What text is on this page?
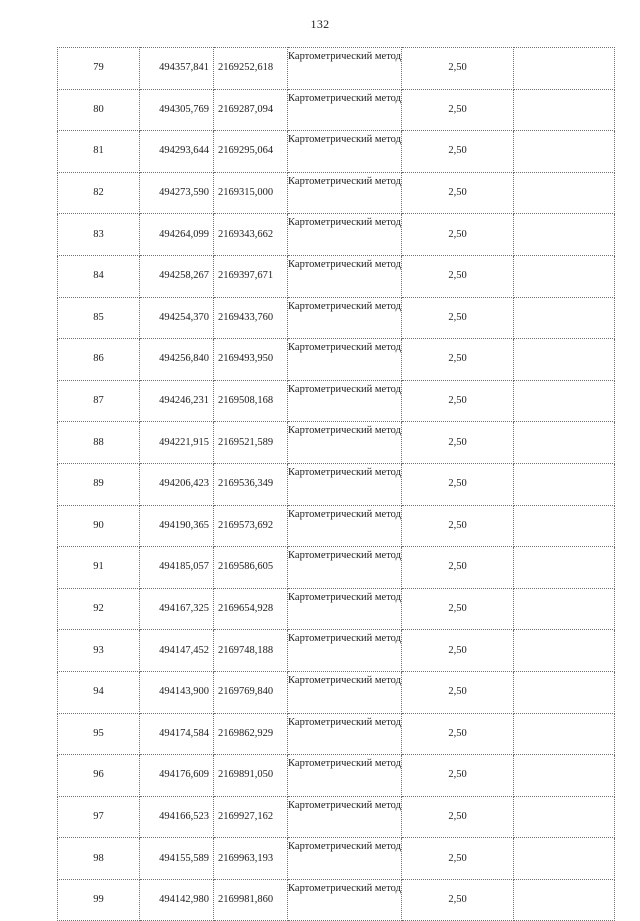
132
79	494357,841	2169252,618	Картометрический метод	2,50	
80	494305,769	2169287,094	Картометрический метод	2,50	
81	494293,644	2169295,064	Картометрический метод	2,50	
82	494273,590	2169315,000	Картометрический метод	2,50	
83	494264,099	2169343,662	Картометрический метод	2,50	
84	494258,267	2169397,671	Картометрический метод	2,50	
85	494254,370	2169433,760	Картометрический метод	2,50	
86	494256,840	2169493,950	Картометрический метод	2,50	
87	494246,231	2169508,168	Картометрический метод	2,50	
88	494221,915	2169521,589	Картометрический метод	2,50	
89	494206,423	2169536,349	Картометрический метод	2,50	
90	494190,365	2169573,692	Картометрический метод	2,50	
91	494185,057	2169586,605	Картометрический метод	2,50	
92	494167,325	2169654,928	Картометрический метод	2,50	
93	494147,452	2169748,188	Картометрический метод	2,50	
94	494143,900	2169769,840	Картометрический метод	2,50	
95	494174,584	2169862,929	Картометрический метод	2,50	
96	494176,609	2169891,050	Картометрический метод	2,50	
97	494166,523	2169927,162	Картометрический метод	2,50	
98	494155,589	2169963,193	Картометрический метод	2,50	
99	494142,980	2169981,860	Картометрический метод	2,50	
